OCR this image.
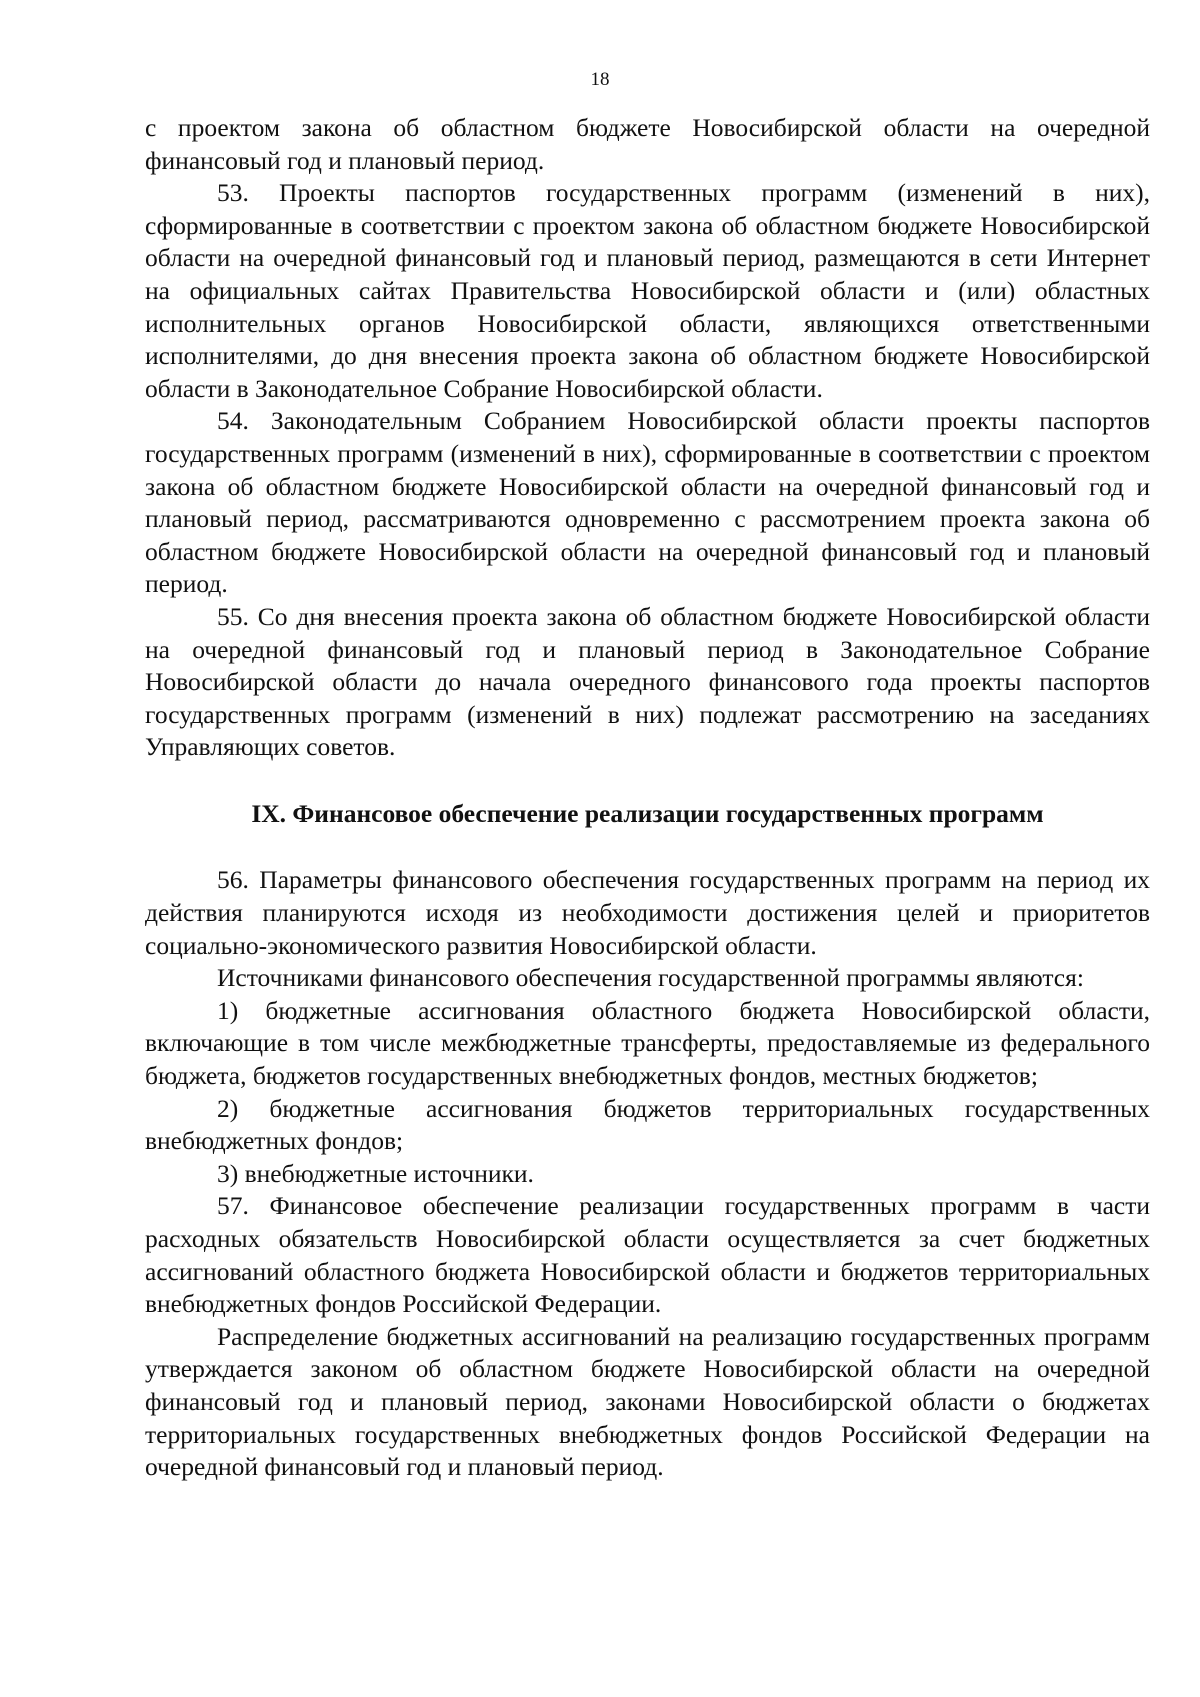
18

с проектом закона об областном бюджете Новосибирской области на очередной финансовый год и плановый период.

53. Проекты паспортов государственных программ (изменений в них), сформированные в соответствии с проектом закона об областном бюджете Новосибирской области на очередной финансовый год и плановый период, размещаются в сети Интернет на официальных сайтах Правительства Новосибирской области и (или) областных исполнительных органов Новосибирской области, являющихся ответственными исполнителями, до дня внесения проекта закона об областном бюджете Новосибирской области в Законодательное Собрание Новосибирской области.

54. Законодательным Собранием Новосибирской области проекты паспортов государственных программ (изменений в них), сформированные в соответствии с проектом закона об областном бюджете Новосибирской области на очередной финансовый год и плановый период, рассматриваются одновременно с рассмотрением проекта закона об областном бюджете Новосибирской области на очередной финансовый год и плановый период.

55. Со дня внесения проекта закона об областном бюджете Новосибирской области на очередной финансовый год и плановый период в Законодательное Собрание Новосибирской области до начала очередного финансового года проекты паспортов государственных программ (изменений в них) подлежат рассмотрению на заседаниях Управляющих советов.

IX. Финансовое обеспечение реализации государственных программ

56. Параметры финансового обеспечения государственных программ на период их действия планируются исходя из необходимости достижения целей и приоритетов социально-экономического развития Новосибирской области.

Источниками финансового обеспечения государственной программы являются:

1) бюджетные ассигнования областного бюджета Новосибирской области, включающие в том числе межбюджетные трансферты, предоставляемые из федерального бюджета, бюджетов государственных внебюджетных фондов, местных бюджетов;

2) бюджетные ассигнования бюджетов территориальных государственных внебюджетных фондов;

3) внебюджетные источники.

57. Финансовое обеспечение реализации государственных программ в части расходных обязательств Новосибирской области осуществляется за счет бюджетных ассигнований областного бюджета Новосибирской области и бюджетов территориальных внебюджетных фондов Российской Федерации.

Распределение бюджетных ассигнований на реализацию государственных программ утверждается законом об областном бюджете Новосибирской области на очередной финансовый год и плановый период, законами Новосибирской области о бюджетах территориальных государственных внебюджетных фондов Российской Федерации на очередной финансовый год и плановый период.
